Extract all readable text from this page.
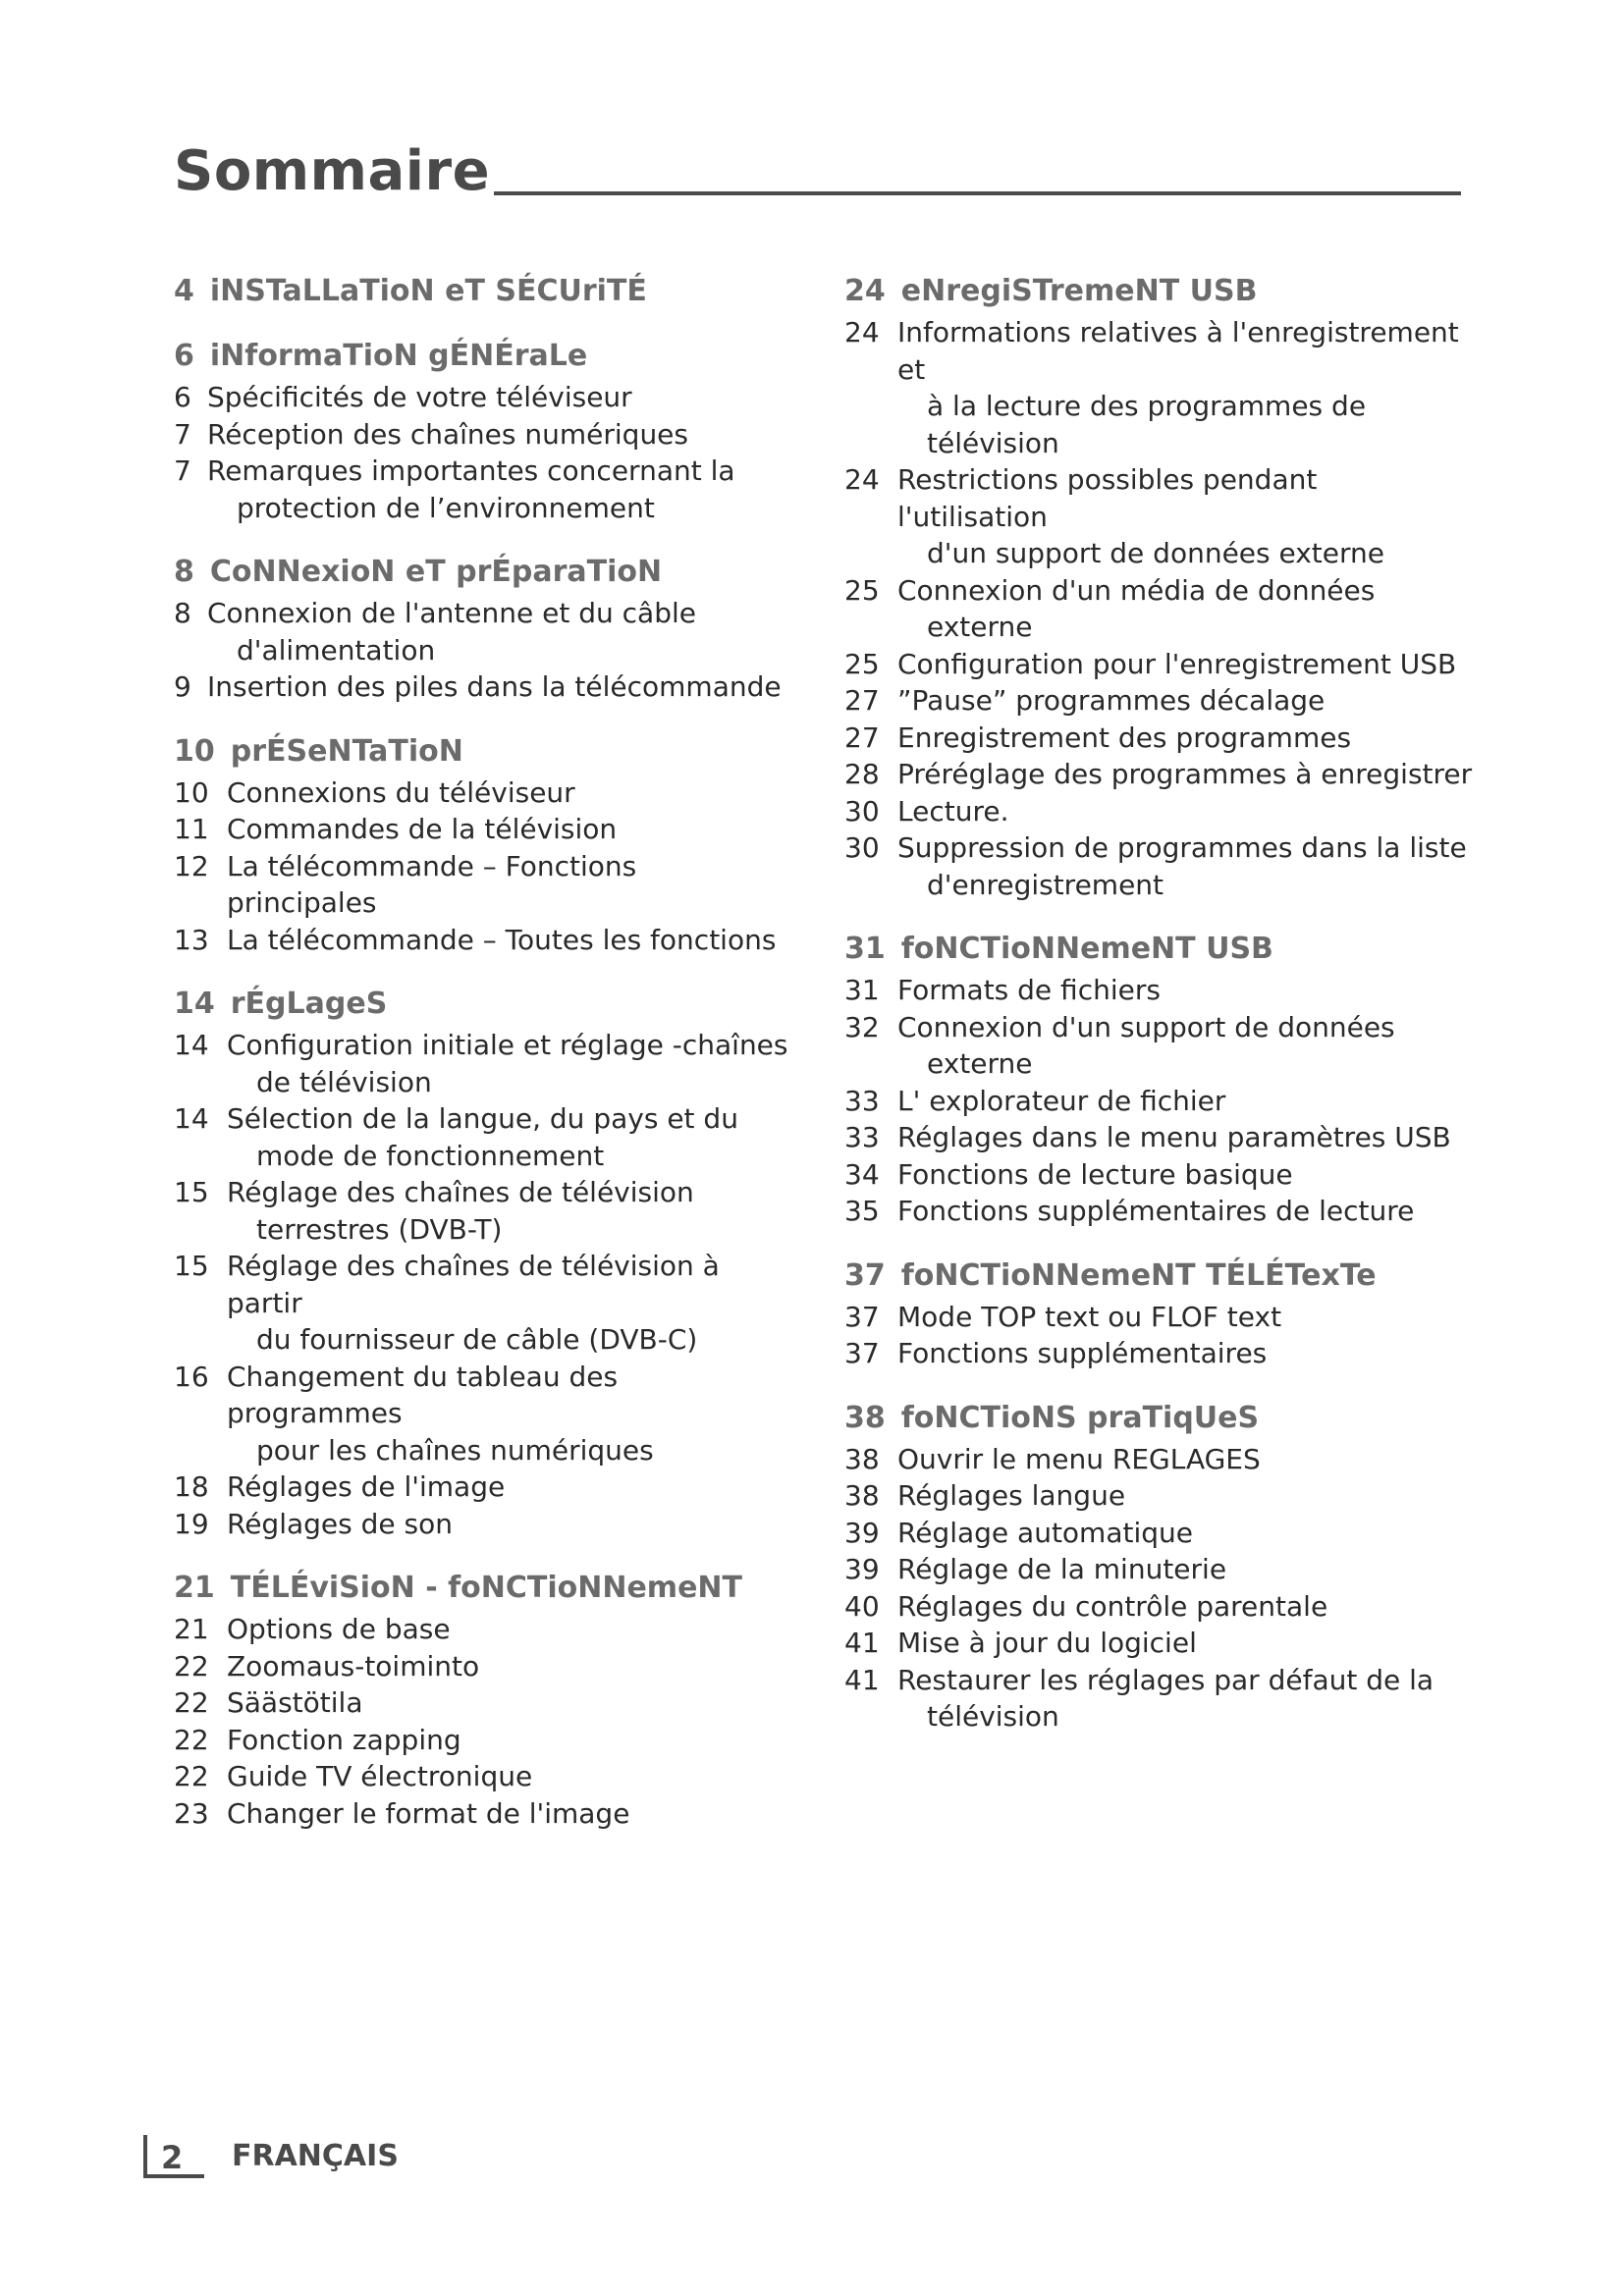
Sommaire
4 iNSTaLLaTioN eT SÉCUriTÉ
6 iNformaTioN gÉNÉraLe
6 Spécificités de votre téléviseur
7 Réception des chaînes numériques
7 Remarques importantes concernant la
protection de l’environnement
8 CoNNexioN eT prÉparaTioN
8 Connexion de l'antenne et du câble
d'alimentation
9 Insertion des piles dans la télécommande
10 prÉSeNTaTioN
10 Connexions du téléviseur
11 Commandes de la télévision
12 La télécommande – Fonctions principales
13 La télécommande – Toutes les fonctions
14 rÉgLageS
14 Configuration initiale et réglage -chaînes
de télévision
14 Sélection de la langue, du pays et du
mode de fonctionnement
15 Réglage des chaînes de télévision
terrestres (DVB-T)
15 Réglage des chaînes de télévision à partir
du fournisseur de câble (DVB-C)
16 Changement du tableau des programmes
pour les chaînes numériques
18 Réglages de l'image
19 Réglages de son
21 TÉLÉviSioN - foNCTioNNemeNT
21 Options de base
22 Zoomaus-toiminto
22 Säästötila
22 Fonction zapping
22 Guide TV électronique
23 Changer le format de l'image
24 eNregiSTremeNT USB
24 Informations relatives à l'enregistrement et
à la lecture des programmes de télévision
24 Restrictions possibles pendant l'utilisation
d'un support de données externe
25 Connexion d'un média de données
externe
25 Configuration pour l'enregistrement USB
27 ”Pause” programmes décalage
27 Enregistrement des programmes
28 Préréglage des programmes à enregistrer
30 Lecture.
30 Suppression de programmes dans la liste
d'enregistrement
31 foNCTioNNemeNT USB
31 Formats de fichiers
32 Connexion d'un support de données
externe
33 L' explorateur de fichier
33 Réglages dans le menu paramètres USB
34 Fonctions de lecture basique
35 Fonctions supplémentaires de lecture
37 foNCTioNNemeNT TÉLÉTexTe
37 Mode TOP text ou FLOF text
37 Fonctions supplémentaires
38 foNCTioNS praTiqUeS
38 Ouvrir le menu REGLAGES
38 Réglages langue
39 Réglage automatique
39 Réglage de la minuterie
40 Réglages du contrôle parentale
41 Mise à jour du logiciel
41 Restaurer les réglages par défaut de la
télévision
2 FRANÇAIS
